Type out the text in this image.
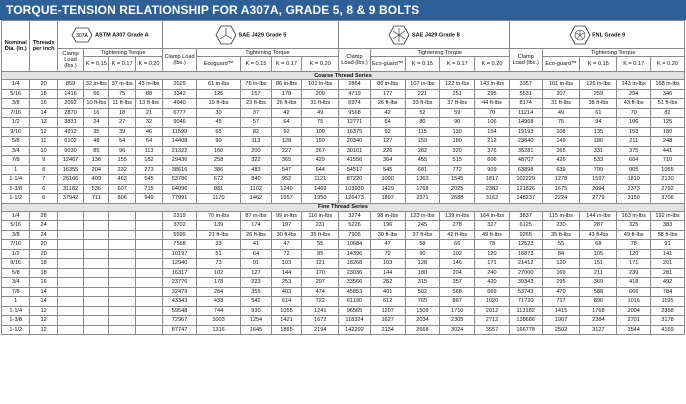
TORQUE-TENSION RELATIONSHIP FOR A307A, GRADE 5, 8 & 9 BOLTS
Nominal Dia. (in.)	Threads per inch	307A ASTM A307 Grade A				SAE J429 Grade 5					SAE J429 Grade 8					FNL Grade 9				
		Clamp Load (lbs.)	Tightening Torque			Clamp Load (lbs.)	Tightening Torque				Clamp Load (lbs.)	Tightening Torque				Clamp Load (lbs.)	Tightening Torque			
			K = 0.15	K = 0.17	K = 0.20		Ecoguard™	K = 0.15	K = 0.17	K = 0.20		Eco-guard™	K = 0.15	K = 0.17	K = 0.20		Eco-guard™	K = 0.15	K = 0.17	K = 0.20
Coarse Thread Series																				
1/4	20	859	32 in-lbs	37 in-lbs	43 in-lbs	2029	61 in-lbs	76 in-lbs	86 in-lbs	101 in-lbs	2864	86 in-lbs	107 in-lbs	122 in-lbs	143 in-lbs	3357	101 in-lbs	126 in-lbs	143 in-lbs	168 in-lbs
5/16	18	1416	66	75	88	3342	125	157	178	209	4719	177	221	251	295	5531	207	259	294	346
3/8	16	2092	10 ft-lbs	11 ft-lbs	13 ft-lbs	4940	19 ft-lbs	23 ft-lbs	26 ft-lbs	31 ft-lbs	6974	26 ft-lbs	33 ft-lbs	37 ft-lbs	44 ft-lbs	8174	31 ft-lbs	38 ft-lbs	43 ft-lbs	51 ft-lbs
7/16	14	2870	16	18	21	6777	30	37	42	49	9568	42	52	59	70	11214	49	61	70	82
1/2	13	3831	24	27	32	9046	45	57	64	75	12771	64	80	90	106	14968	75	94	106	125
9/16	12	4912	35	39	46	11599	65	82	92	109	16375	92	115	130	154	19193	108	135	153	180
5/8	11	6102	48	54	64	14408	90	113	128	150	20340	127	159	180	212	23840	149	186	211	248
3/4	10	9030	85	96	113	21322	160	200	227	267	30101	226	282	320	376	35281	265	331	375	441
7/8	9	12467	136	155	182	29436	258	322	365	429	41556	364	455	515	606	48707	426	533	604	710
1	8	16355	204	232	273	38616	386	483	547	644	54517	545	681	772	909	63898	639	799	905	1065
1-1/4	7	26166	409	463	545	53786	672	840	952	1121	87220	1090	1363	1545	1817	102229	1278	1597	1810	2130
1-3/8	6	31182	536	607	715	64096	881	1102	1249	1469	103939	1429	1768	2025	2382	121826	1675	2094	2373	2792
1-1/2	6	37942	711	806	949	77991	1170	1462	1657	1950	126473	1897	2371	2688	3162	148237	2224	2779	3150	3706
Fine Thread Series																				
1/4	28					2319	70 in-lbs	87 in-lbs	99 in-lbs	116 in-lbs	3274	98 in-lbs	123 in-lbs	139 in-lbs	164 in-lbs	3837	115 in-lbs	144 in-lbs	163 in-lbs	192 in-lbs
5/16	24					3702	139	174	197	231	5226	196	245	278	327	6125	230	287	325	383
3/8	24					5599	21 ft-lbs	26 ft-lbs	30 ft-lbs	35 ft-lbs	7905	30 ft-lbs	37 ft-lbs	42 ft-lbs	49 ft-lbs	9265	35 ft-lbs	43 ft-lbs	49 ft-lbs	58 ft-lbs
7/16	20					7568	33	41	47	55	10684	47	58	66	78	12523	55	68	78	91
1/2	20					10197	51	64	72	85	14396	72	90	102	120	16873	84	105	120	141
9/16	18					12940	73	91	103	121	18268	103	128	146	171	21412	120	151	171	201
5/8	18					16317	102	127	144	170	23036	144	180	204	240	27000	169	211	239	281
3/4	16					23776	178	223	253	297	33566	252	315	357	420	39343	295	369	418	492
7/8	14					32479	284	355	403	474	45853	401	502	568	669	53743	470	588	666	784
1	14					43343	433	542	614	722	61190	612	765	867	1020	71720	717	896	1016	1195
1-1/4	12					59548	744	930	1055	1241	96565	1207	1509	1710	2012	113182	1415	1768	2004	2358
1-3/8	12					72967	1003	1254	1421	1672	118324	1627	2034	2305	2712	138686	1907	2384	2701	3178
1-1/2	12					87747	1316	1645	1865	2194	142292	2134	2668	3024	3557	166778	2502	3127	3544	4169
